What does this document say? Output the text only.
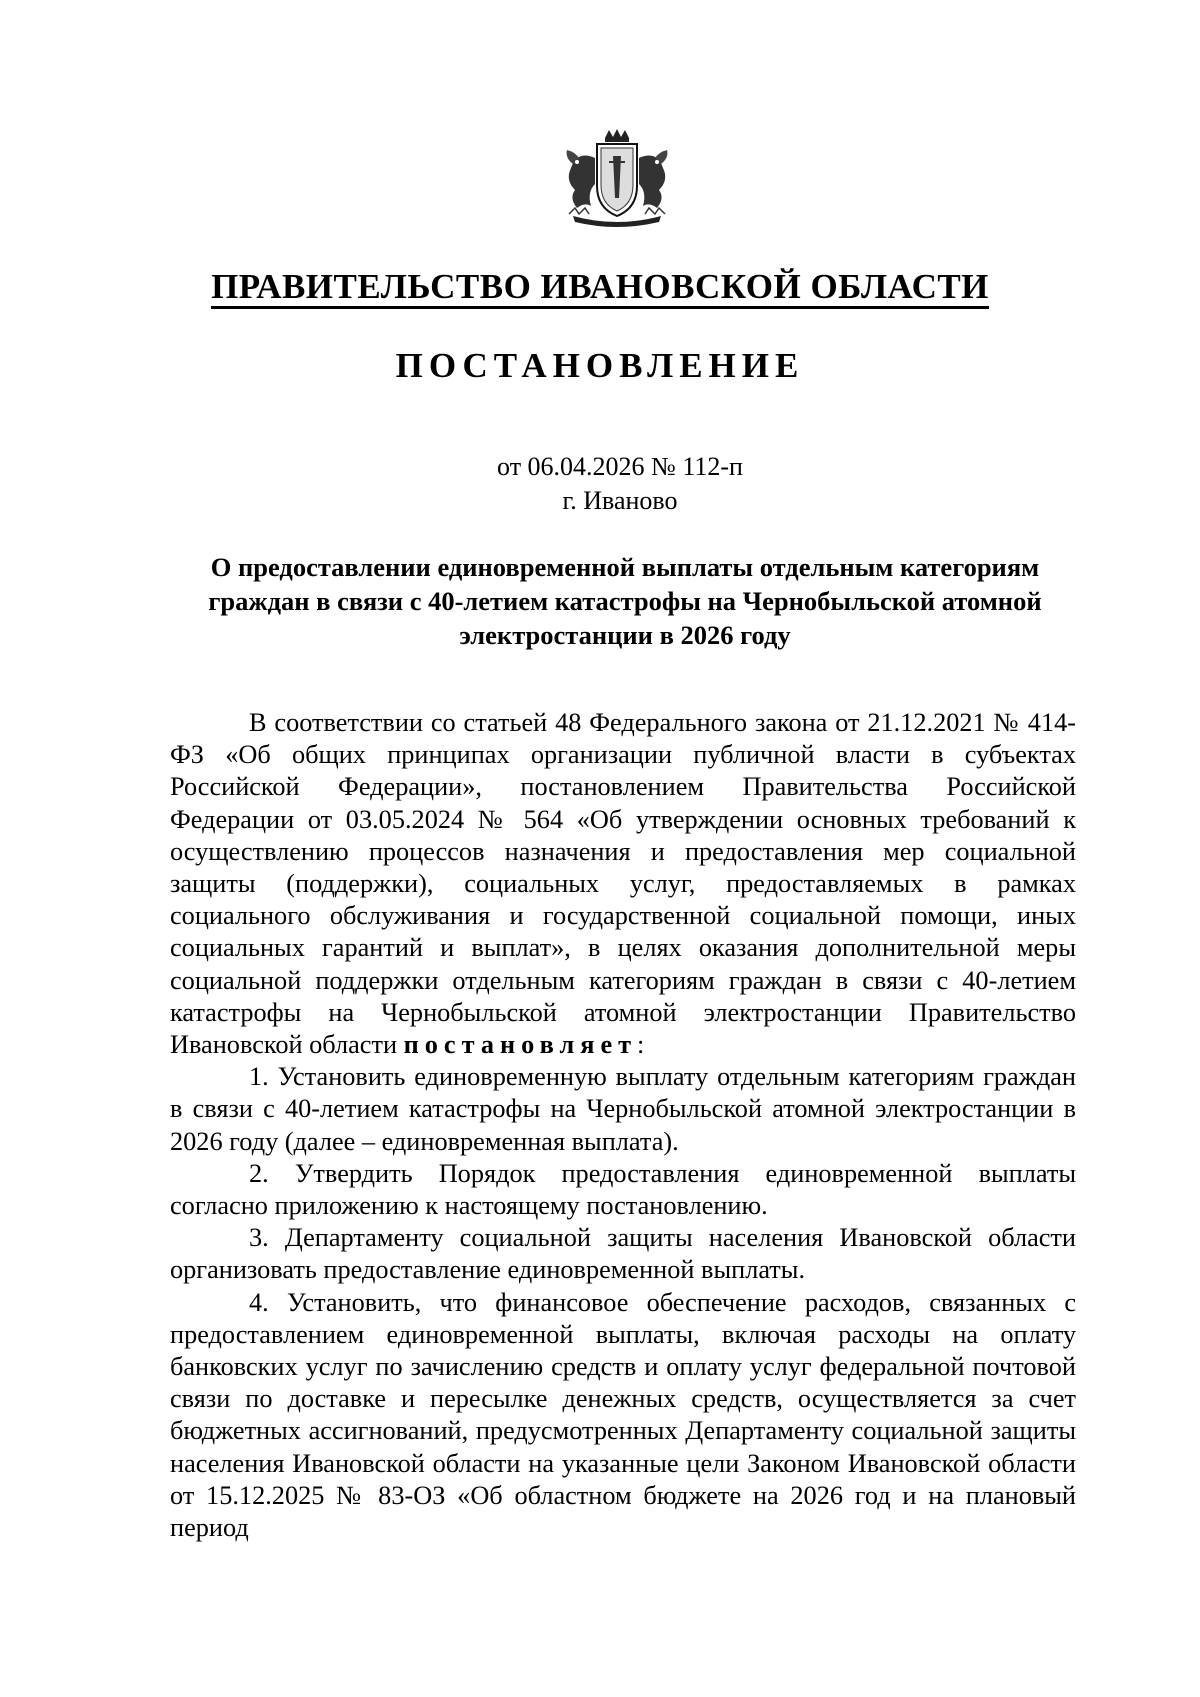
ПРАВИТЕЛЬСТВО ИВАНОВСКОЙ ОБЛАСТИ
ПОСТАНОВЛЕНИЕ
от 06.04.2026 № 112-п
г. Иваново
О предоставлении единовременной выплаты отдельным категориям
граждан в связи с 40-летием катастрофы на Чернобыльской атомной
электростанции в 2026 году

В соответствии со статьей 48 Федерального закона от 21.12.2021 № 414-ФЗ «Об общих принципах организации публичной власти в субъектах Российской Федерации», постановлением Правительства Российской Федерации от 03.05.2024 № 564 «Об утверждении основных требований к осуществлению процессов назначения и предоставления мер социальной защиты (поддержки), социальных услуг, предоставляемых в рамках социального обслуживания и государственной социальной помощи, иных социальных гарантий и выплат», в целях оказания дополнительной меры социальной поддержки отдельным категориям граждан в связи с 40-летием катастрофы на Чернобыльской атомной электростанции Правительство Ивановской области постановляет:

1. Установить единовременную выплату отдельным категориям граждан в связи с 40-летием катастрофы на Чернобыльской атомной электростанции в 2026 году (далее – единовременная выплата).

2. Утвердить Порядок предоставления единовременной выплаты согласно приложению к настоящему постановлению.

3. Департаменту социальной защиты населения Ивановской области организовать предоставление единовременной выплаты.

4. Установить, что финансовое обеспечение расходов, связанных с предоставлением единовременной выплаты, включая расходы на оплату банковских услуг по зачислению средств и оплату услуг федеральной почтовой связи по доставке и пересылке денежных средств, осуществляется за счет бюджетных ассигнований, предусмотренных Департаменту социальной защиты населения Ивановской области на указанные цели Законом Ивановской области от 15.12.2025 № 83-ОЗ «Об областном бюджете на 2026 год и на плановый период
